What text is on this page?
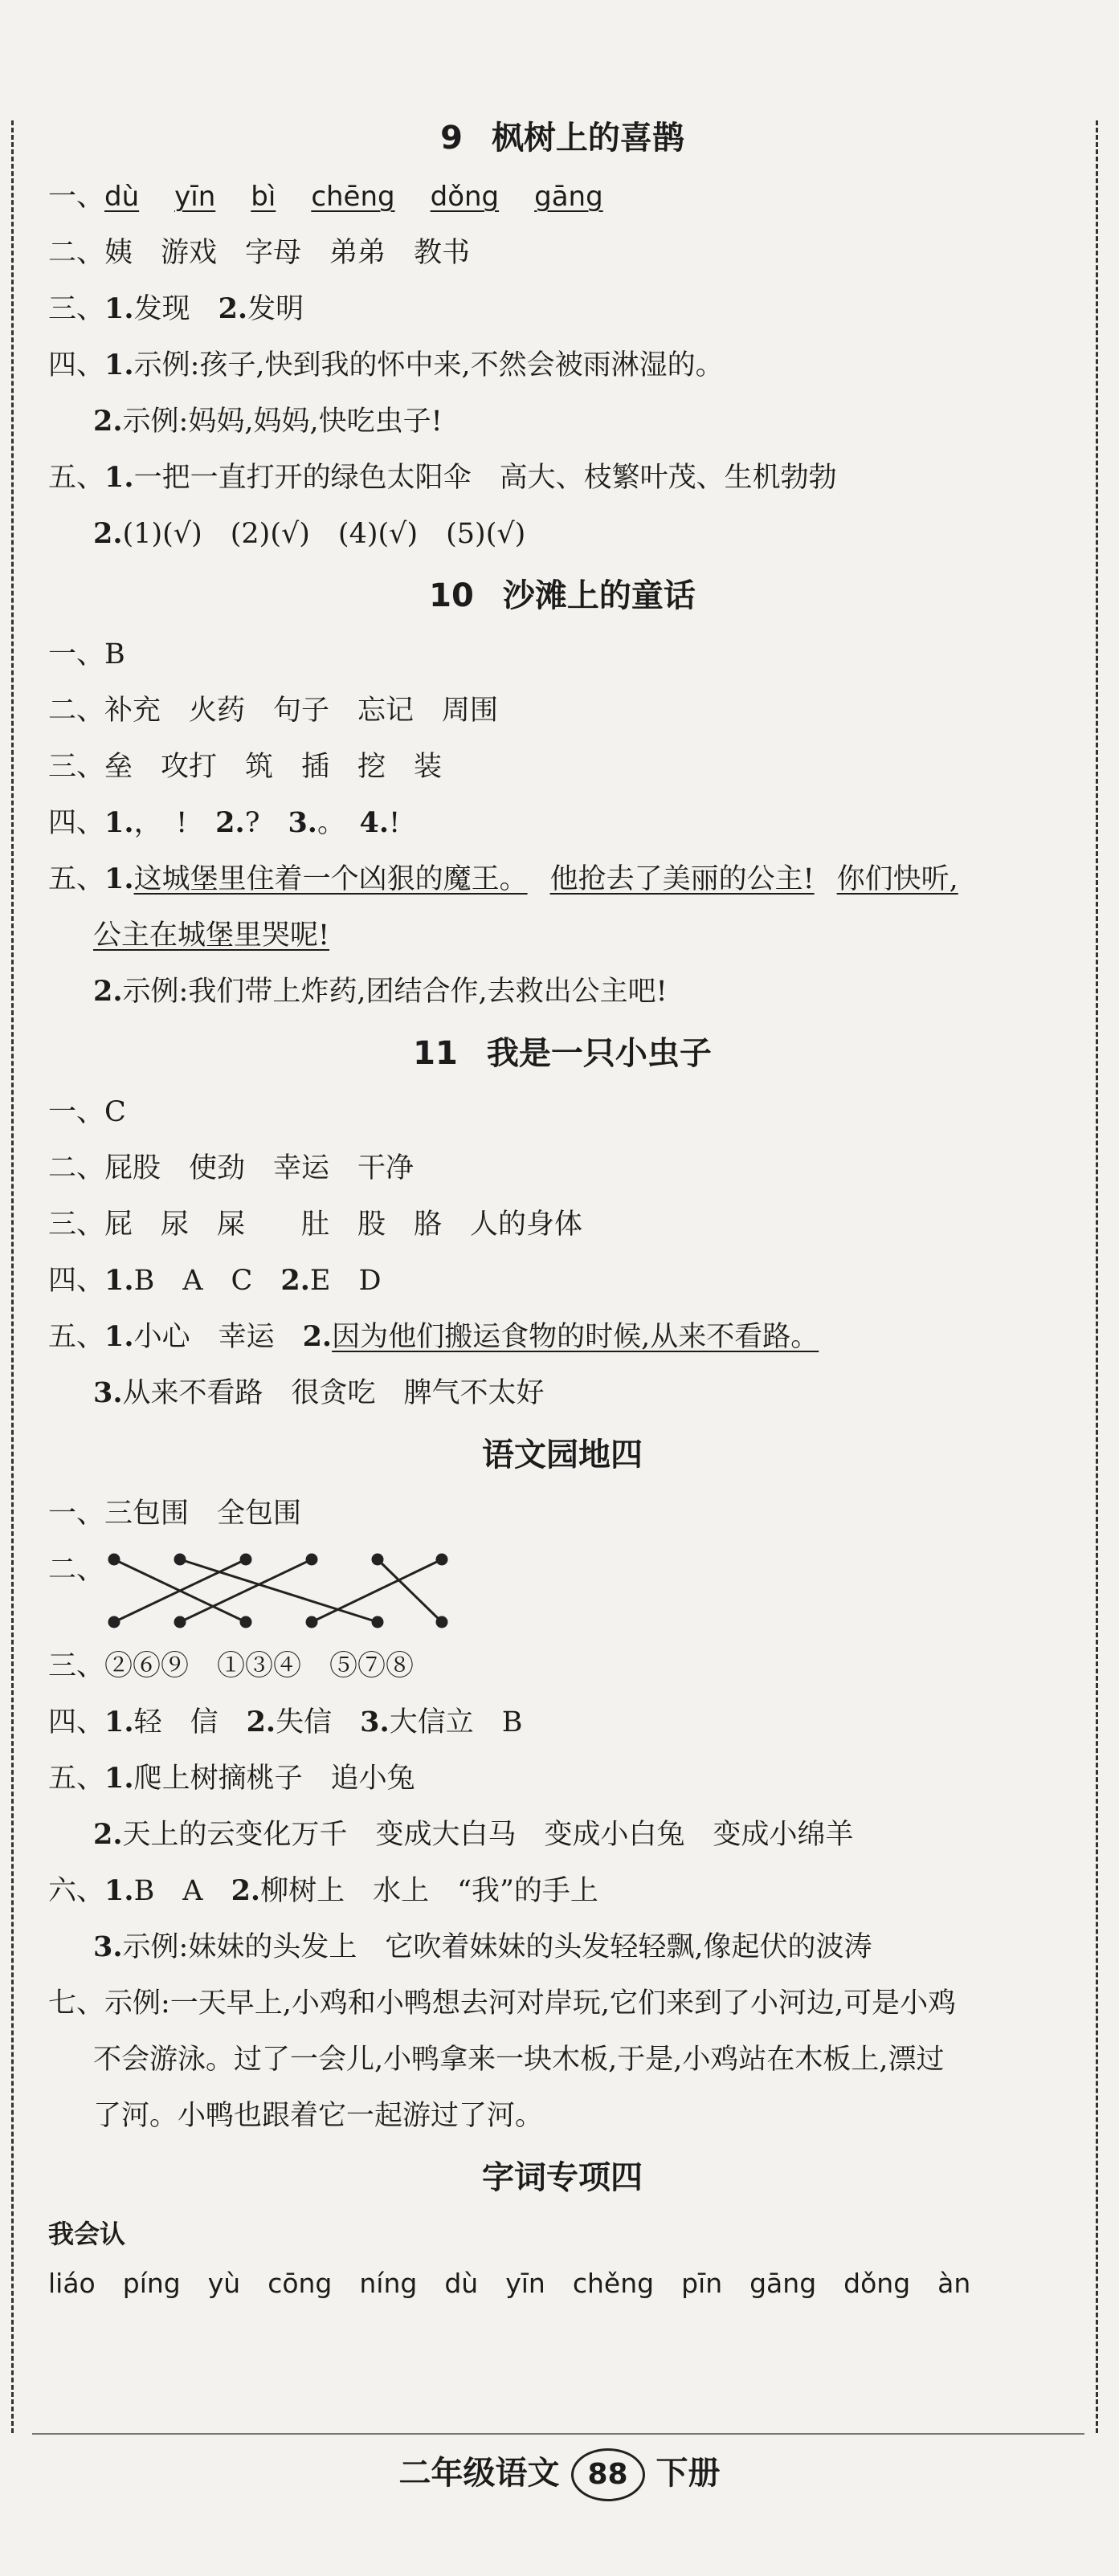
9 枫树上的喜鹊
一、dù yīn bì chēng dǒng gāng
二、姨　游戏　字母　弟弟　教书
三、1.发现　2.发明
四、1.示例:孩子,快到我的怀中来,不然会被雨淋湿的。
2.示例:妈妈,妈妈,快吃虫子!
五、1.一把一直打开的绿色太阳伞　高大、枝繁叶茂、生机勃勃
2.(1)(√)　(2)(√)　(4)(√)　(5)(√)
10 沙滩上的童话
一、B
二、补充　火药　句子　忘记　周围
三、垒　攻打　筑　插　挖　装
四、1.，　!　2.?　3.。　4.!
五、1.这城堡里住着一个凶狠的魔王。 他抢去了美丽的公主! 你们快听,
公主在城堡里哭呢!
2.示例:我们带上炸药,团结合作,去救出公主吧!
11 我是一只小虫子
一、C
二、屁股　使劲　幸运　干净
三、屁　尿　屎　　肚　股　胳　人的身体
四、1.B　A　C　2.E　D
五、1.小心　幸运　2.因为他们搬运食物的时候,从来不看路。
3.从来不看路　很贪吃　脾气不太好
语文园地四
一、三包围　全包围
二、
三、②⑥⑨　①③④　⑤⑦⑧
四、1.轻　信　2.失信　3.大信立　B
五、1.爬上树摘桃子　追小兔
2.天上的云变化万千　变成大白马　变成小白兔　变成小绵羊
六、1.B　A　2.柳树上　水上　“我”的手上
3.示例:妹妹的头发上　它吹着妹妹的头发轻轻飘,像起伏的波涛
七、示例:一天早上,小鸡和小鸭想去河对岸玩,它们来到了小河边,可是小鸡
不会游泳。过了一会儿,小鸭拿来一块木板,于是,小鸡站在木板上,漂过
了河。小鸭也跟着它一起游过了河。
字词专项四
我会认
liáo píng yù cōng níng dù yīn chěng pīn gāng dǒng àn
二年级语文 88 下册
